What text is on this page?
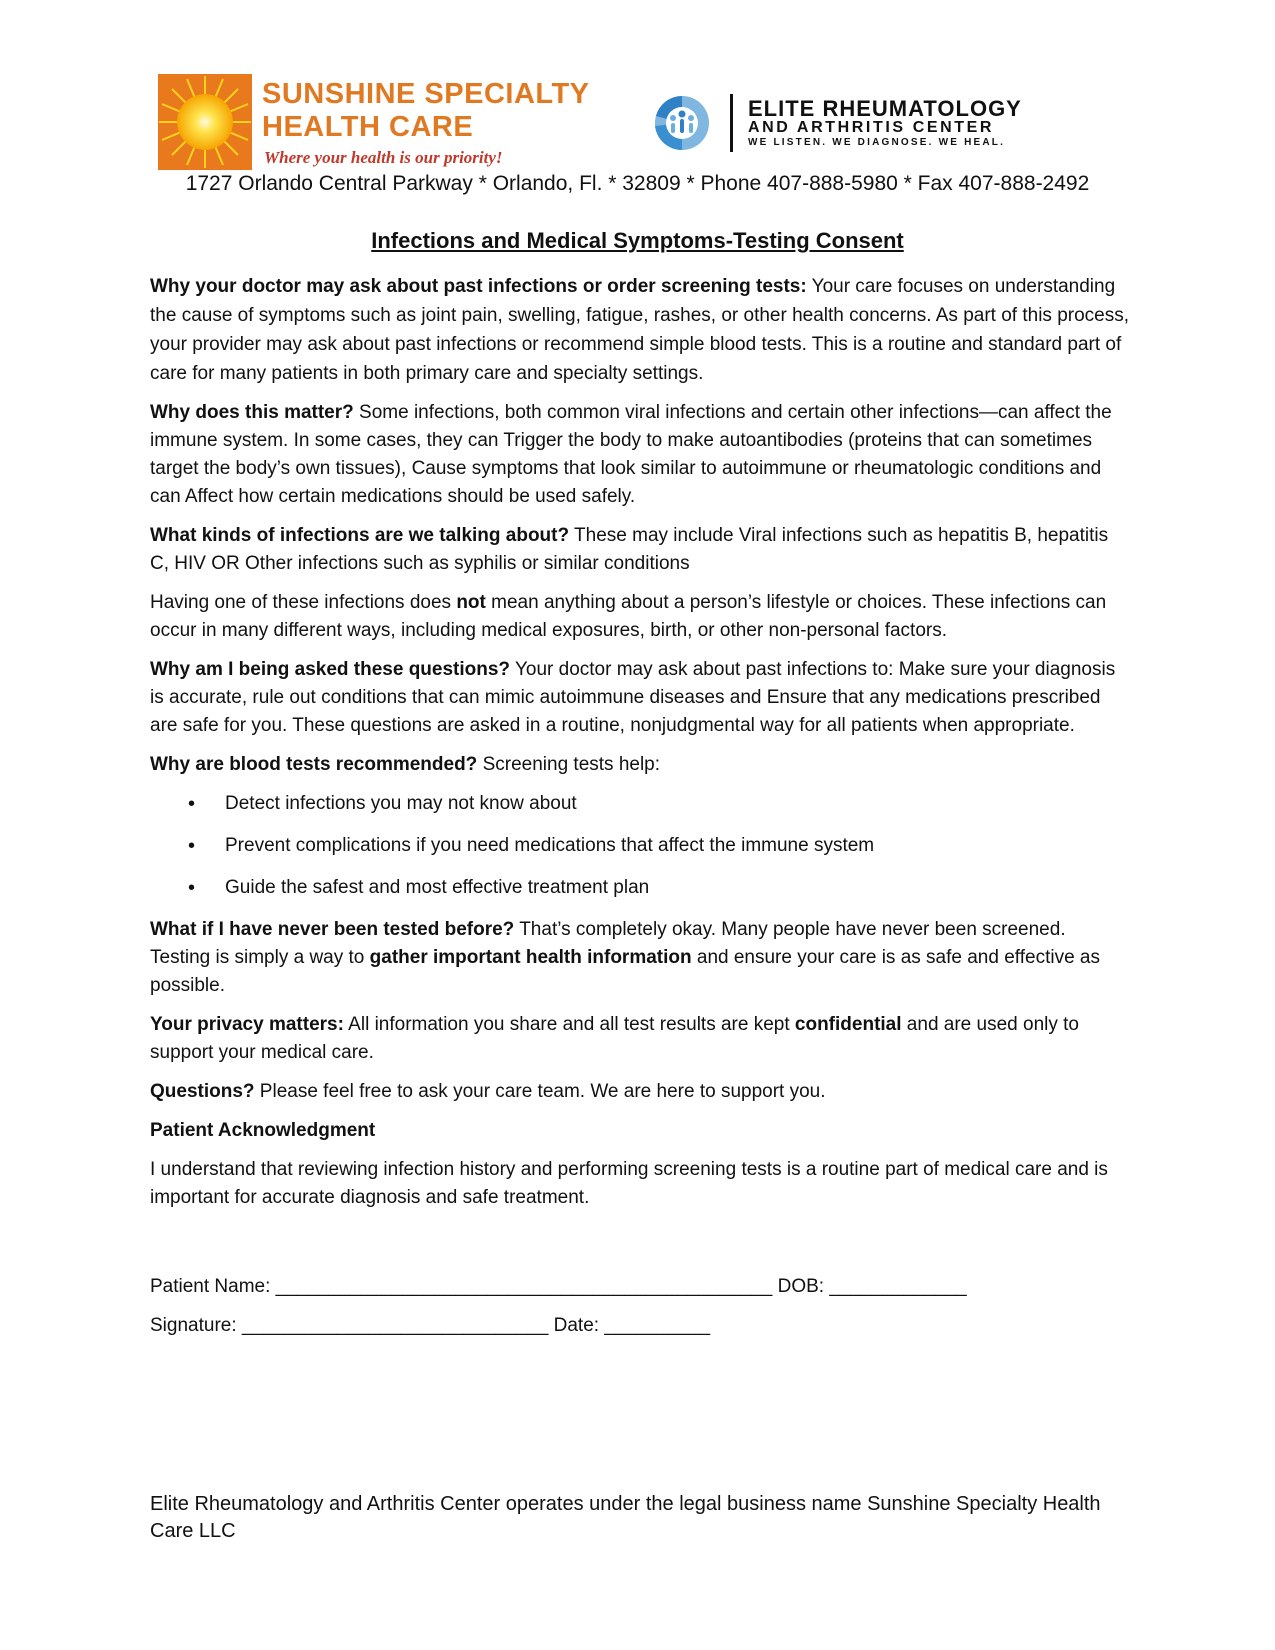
SUNSHINE SPECIALTY
HEALTH CARE
Where your health is our priority!
ELITE RHEUMATOLOGY
AND ARTHRITIS CENTER
WE LISTEN. WE DIAGNOSE. WE HEAL.
1727 Orlando Central Parkway * Orlando, Fl. * 32809 * Phone 407-888-5980 * Fax 407-888-2492
Infections and Medical Symptoms-Testing Consent

Why your doctor may ask about past infections or order screening tests: Your care focuses on understanding the cause of symptoms such as joint pain, swelling, fatigue, rashes, or other health concerns. As part of this process, your provider may ask about past infections or recommend simple blood tests. This is a routine and standard part of care for many patients in both primary care and specialty settings.

Why does this matter? Some infections, both common viral infections and certain other infections—can affect the immune system. In some cases, they can Trigger the body to make autoantibodies (proteins that can sometimes target the body’s own tissues), Cause symptoms that look similar to autoimmune or rheumatologic conditions and can Affect how certain medications should be used safely.

What kinds of infections are we talking about? These may include Viral infections such as hepatitis B, hepatitis C, HIV OR Other infections such as syphilis or similar conditions

Having one of these infections does not mean anything about a person’s lifestyle or choices. These infections can occur in many different ways, including medical exposures, birth, or other non-personal factors.

Why am I being asked these questions? Your doctor may ask about past infections to: Make sure your diagnosis is accurate, rule out conditions that can mimic autoimmune diseases and Ensure that any medications prescribed are safe for you. These questions are asked in a routine, nonjudgmental way for all patients when appropriate.

Why are blood tests recommended? Screening tests help:

• Detect infections you may not know about
• Prevent complications if you need medications that affect the immune system
• Guide the safest and most effective treatment plan

What if I have never been tested before? That’s completely okay. Many people have never been screened. Testing is simply a way to gather important health information and ensure your care is as safe and effective as possible.

Your privacy matters: All information you share and all test results are kept confidential and are used only to support your medical care.

Questions? Please feel free to ask your care team. We are here to support you.

Patient Acknowledgment

I understand that reviewing infection history and performing screening tests is a routine part of medical care and is important for accurate diagnosis and safe treatment.

Patient Name: _______________________________________________ DOB: _____________

Signature: _____________________________ Date: __________

Elite Rheumatology and Arthritis Center operates under the legal business name Sunshine Specialty Health Care LLC
